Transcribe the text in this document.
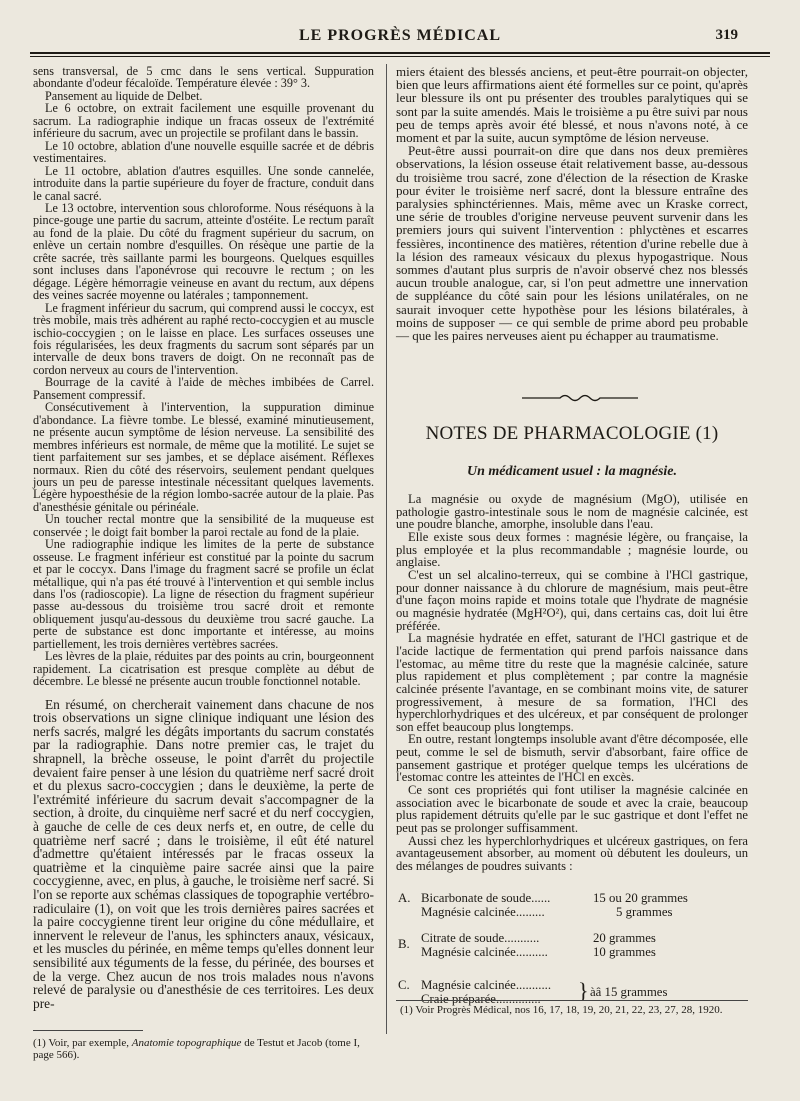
LE PROGRÈS MÉDICAL	319

sens transversal, de 5 cmc dans le sens vertical. Suppuration abondante d'odeur fécaloïde. Température élevée : 39° 3.

Pansement au liquide de Delbet.

Le 6 octobre, on extrait facilement une esquille provenant du sacrum. La radiographie indique un fracas osseux de l'extrémité inférieure du sacrum, avec un projectile se profilant dans le bassin.

Le 10 octobre, ablation d'une nouvelle esquille sacrée et de débris vestimentaires.

Le 11 octobre, ablation d'autres esquilles. Une sonde cannelée, introduite dans la partie supérieure du foyer de fracture, conduit dans le canal sacré.

Le 13 octobre, intervention sous chloroforme. Nous réséquons à la pince-gouge une partie du sacrum, atteinte d'ostéite. Le rectum paraît au fond de la plaie. Du côté du fragment supérieur du sacrum, on enlève un certain nombre d'esquilles. On résèque une partie de la crête sacrée, très saillante parmi les bourgeons. Quelques esquilles sont incluses dans l'aponévrose qui recouvre le rectum ; on les dégage. Légère hémorragie veineuse en avant du rectum, aux dépens des veines sacrée moyenne ou latérales ; tamponnement.

Le fragment inférieur du sacrum, qui comprend aussi le coccyx, est très mobile, mais très adhérent au raphé recto-coccygien et au muscle ischio-coccygien ; on le laisse en place. Les surfaces osseuses une fois régularisées, les deux fragments du sacrum sont séparés par un intervalle de deux bons travers de doigt. On ne reconnaît pas de cordon nerveux au cours de l'intervention.

Bourrage de la cavité à l'aide de mèches imbibées de Carrel. Pansement compressif.

Consécutivement à l'intervention, la suppuration diminue d'abondance. La fièvre tombe. Le blessé, examiné minutieusement, ne présente aucun symptôme de lésion nerveuse. La sensibilité des membres inférieurs est normale, de même que la motilité. Le sujet se tient parfaitement sur ses jambes, et se déplace aisément. Réflexes normaux. Rien du côté des réservoirs, seulement pendant quelques jours un peu de paresse intestinale nécessitant quelques lavements. Légère hypoesthésie de la région lombo-sacrée autour de la plaie. Pas d'anesthésie génitale ou périnéale.

Un toucher rectal montre que la sensibilité de la muqueuse est conservée ; le doigt fait bomber la paroi rectale au fond de la plaie.

Une radiographie indique les limites de la perte de substance osseuse. Le fragment inférieur est constitué par la pointe du sacrum et par le coccyx. Dans l'image du fragment sacré se profile un éclat métallique, qui n'a pas été trouvé à l'intervention et qui semble inclus dans l'os (radioscopie). La ligne de résection du fragment supérieur passe au-dessous du troisième trou sacré droit et remonte obliquement jusqu'au-dessous du deuxième trou sacré gauche. La perte de substance est donc importante et intéresse, au moins partiellement, les trois dernières vertèbres sacrées.

Les lèvres de la plaie, réduites par des points au crin, bourgeonnent rapidement. La cicatrisation est presque complète au début de décembre. Le blessé ne présente aucun trouble fonctionnel notable.

En résumé, on chercherait vainement dans chacune de nos trois observations un signe clinique indiquant une lésion des nerfs sacrés, malgré les dégâts importants du sacrum constatés par la radiographie. Dans notre premier cas, le trajet du shrapnell, la brèche osseuse, le point d'arrêt du projectile devaient faire penser à une lésion du quatrième nerf sacré droit et du plexus sacro-coccygien ; dans le deuxième, la perte de l'extrémité inférieure du sacrum devait s'accompagner de la section, à droite, du cinquième nerf sacré et du nerf coccygien, à gauche de celle de ces deux nerfs et, en outre, de celle du quatrième nerf sacré ; dans le troisième, il eût été naturel d'admettre qu'étaient intéressés par le fracas osseux la quatrième et la cinquième paire sacrée ainsi que la paire coccygienne, avec, en plus, à gauche, le troisième nerf sacré. Si l'on se reporte aux schémas classiques de topographie vertébro-radiculaire (1), on voit que les trois dernières paires sacrées et la paire coccygienne tirent leur origine du cône médullaire, et innervent le releveur de l'anus, les sphincters anaux, vésicaux, et les muscles du périnée, en même temps qu'elles donnent leur sensibilité aux téguments de la fesse, du périnée, des bourses et de la verge. Chez aucun de nos trois malades nous n'avons relevé de paralysie ou d'anesthésie de ces territoires. Les deux pre-

(1) Voir, par exemple, Anatomie topographique de Testut et Jacob (tome I, page 566).

miers étaient des blessés anciens, et peut-être pourrait-on objecter, bien que leurs affirmations aient été formelles sur ce point, qu'après leur blessure ils ont pu présenter des troubles paralytiques qui se sont par la suite amendés. Mais le troisième a pu être suivi par nous peu de temps après avoir été blessé, et nous n'avons noté, à ce moment et par la suite, aucun symptôme de lésion nerveuse.

Peut-être aussi pourrait-on dire que dans nos deux premières observations, la lésion osseuse était relativement basse, au-dessous du troisième trou sacré, zone d'élection de la résection de Kraske pour éviter le troisième nerf sacré, dont la blessure entraîne des paralysies sphinctériennes. Mais, même avec un Kraske correct, une série de troubles d'origine nerveuse peuvent survenir dans les premiers jours qui suivent l'intervention : phlyctènes et escarres fessières, incontinence des matières, rétention d'urine rebelle due à la lésion des rameaux vésicaux du plexus hypogastrique. Nous sommes d'autant plus surpris de n'avoir observé chez nos blessés aucun trouble analogue, car, si l'on peut admettre une innervation de suppléance du côté sain pour les lésions unilatérales, on ne saurait invoquer cette hypothèse pour les lésions bilatérales, à moins de supposer — ce qui semble de prime abord peu probable — que les paires nerveuses aient pu échapper au traumatisme.

NOTES DE PHARMACOLOGIE (1)
Un médicament usuel : la magnésie.

La magnésie ou oxyde de magnésium (MgO), utilisée en pathologie gastro-intestinale sous le nom de magnésie calcinée, est une poudre blanche, amorphe, insoluble dans l'eau.

Elle existe sous deux formes : magnésie légère, ou française, la plus employée et la plus recommandable ; magnésie lourde, ou anglaise.

C'est un sel alcalino-terreux, qui se combine à l'HCl gastrique, pour donner naissance à du chlorure de magnésium, mais peut-être d'une façon moins rapide et moins totale que l'hydrate de magnésie ou magnésie hydratée (MgH²O²), qui, dans certains cas, doit lui être préférée.

La magnésie hydratée en effet, saturant de l'HCl gastrique et de l'acide lactique de fermentation qui prend parfois naissance dans l'estomac, au même titre du reste que la magnésie calcinée, sature plus rapidement et plus complètement ; par contre la magnésie calcinée présente l'avantage, en se combinant moins vite, de saturer progressivement, à mesure de sa formation, l'HCl des hyperchlorhydriques et des ulcéreux, et par conséquent de prolonger son effet beaucoup plus longtemps.

En outre, restant longtemps insoluble avant d'être décomposée, elle peut, comme le sel de bismuth, servir d'absorbant, faire office de pansement gastrique et protéger quelque temps les ulcérations de l'estomac contre les atteintes de l'HCl en excès.

Ce sont ces propriétés qui font utiliser la magnésie calcinée en association avec le bicarbonate de soude et avec la craie, beaucoup plus rapidement détruits qu'elle par le suc gastrique et dont l'effet ne peut pas se prolonger suffisamment.

Aussi chez les hyperchlorhydriques et ulcéreux gastriques, on fera avantageusement absorber, au moment où débutent les douleurs, un des mélanges de poudres suivants :

A. Bicarbonate de soude......	15 ou 20 grammes
Magnésie calcinée.........	5 grammes
B. Citrate de soude...........	20 grammes
Magnésie calcinée..........	10 grammes
C. Magnésie calcinée...........
Craie préparée.............. } àâ 15 grammes
(1) Voir Progrès Médical, nos 16, 17, 18, 19, 20, 21, 22, 23, 27, 28, 1920.
